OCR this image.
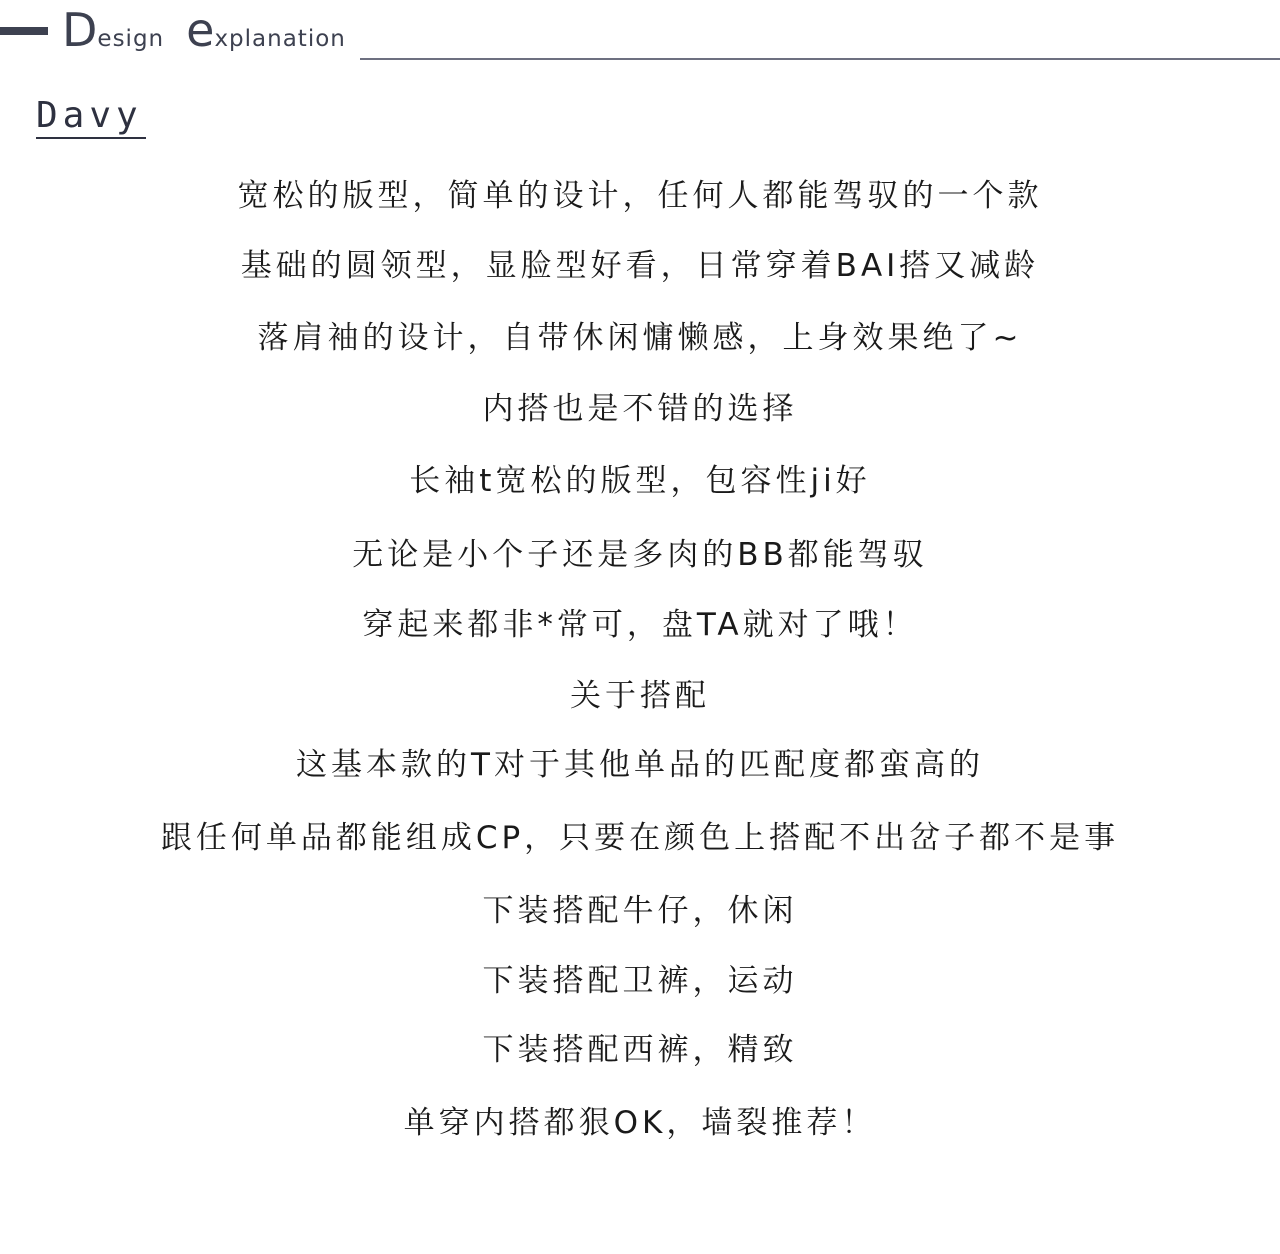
D esign e xplanation
Davy
宽松的版型，简单的设计，任何人都能驾驭的一个款
基础的圆领型，显脸型好看，日常穿着BAI搭又减龄
落肩袖的设计，自带休闲慵懒感，上身效果绝了~
内搭也是不错的选择
长袖t宽松的版型，包容性ji好
无论是小个子还是多肉的BB都能驾驭
穿起来都非*常可，盘TA就对了哦！
关于搭配
这基本款的T对于其他单品的匹配度都蛮高的
跟任何单品都能组成CP，只要在颜色上搭配不出岔子都不是事
下装搭配牛仔，休闲
下装搭配卫裤，运动
下装搭配西裤，精致
单穿内搭都狠OK，墙裂推荐！
